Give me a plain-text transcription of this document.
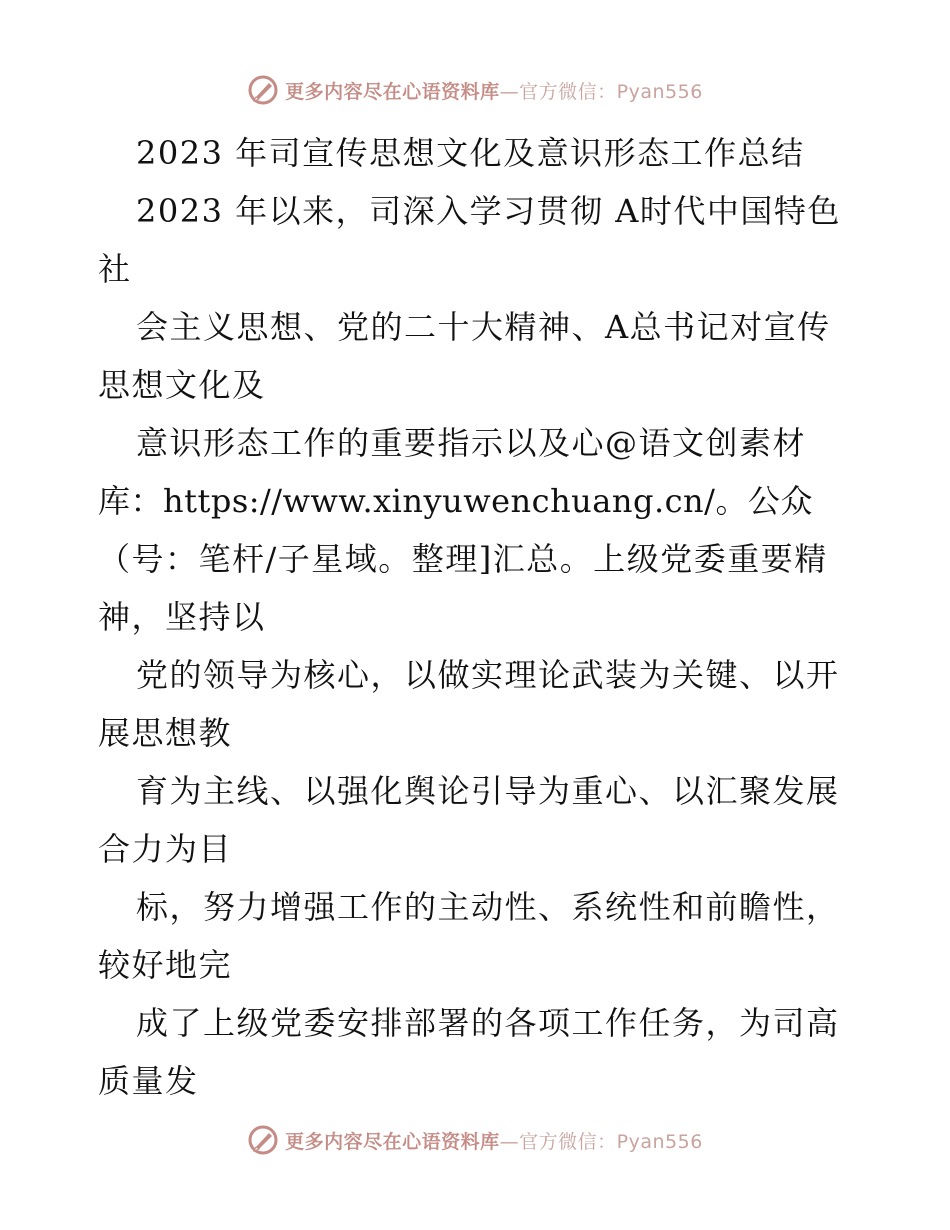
更多内容尽在心语资料库—官方微信：Pyan556
2023 年司宣传思想文化及意识形态工作总结
2023 年以来，司深入学习贯彻 A时代中国特色
社
会主义思想、党的二十大精神、A总书记对宣传
思想文化及
意识形态工作的重要指示以及心@语文创素材
库：https://www.xinyuwenchuang.cn/。公众
（号：笔杆/子星域。整理]汇总。上级党委重要精
神，坚持以
党的领导为核心，以做实理论武装为关键、以开
展思想教
育为主线、以强化舆论引导为重心、以汇聚发展
合力为目
标，努力增强工作的主动性、系统性和前瞻性，
较好地完
成了上级党委安排部署的各项工作任务，为司高
质量发
更多内容尽在心语资料库—官方微信：Pyan556
